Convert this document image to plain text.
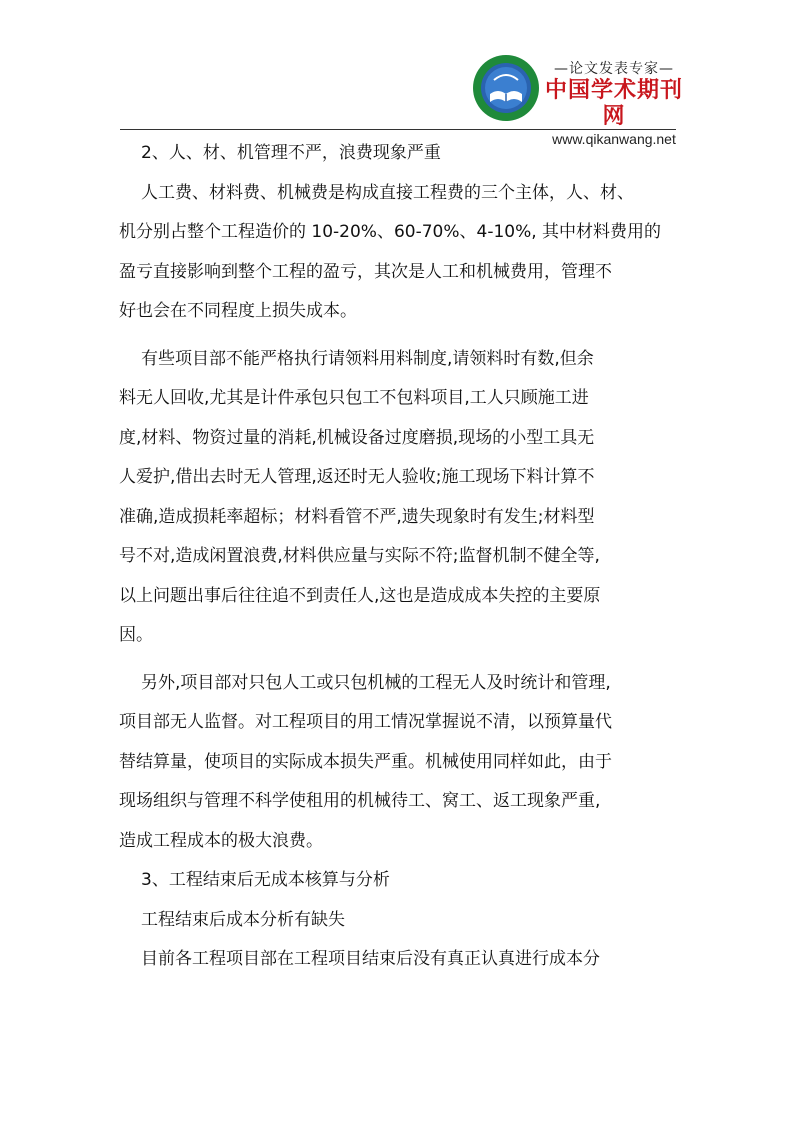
—论文发表专家—
中国学术期刊网
www.qikanwang.net
2、人、材、机管理不严，浪费现象严重
人工费、材料费、机械费是构成直接工程费的三个主体，人、材、
机分别占整个工程造价的 10-20%、60-70%、4-10%, 其中材料费用的
盈亏直接影响到整个工程的盈亏，其次是人工和机械费用，管理不
好也会在不同程度上损失成本。
有些项目部不能严格执行请领料用料制度,请领料时有数,但余
料无人回收,尤其是计件承包只包工不包料项目,工人只顾施工进
度,材料、物资过量的消耗,机械设备过度磨损,现场的小型工具无
人爱护,借出去时无人管理,返还时无人验收;施工现场下料计算不
准确,造成损耗率超标；材料看管不严,遗失现象时有发生;材料型
号不对,造成闲置浪费,材料供应量与实际不符;监督机制不健全等,
以上问题出事后往往追不到责任人,这也是造成成本失控的主要原
因。
另外,项目部对只包人工或只包机械的工程无人及时统计和管理,
项目部无人监督。对工程项目的用工情况掌握说不清，以预算量代
替结算量，使项目的实际成本损失严重。机械使用同样如此，由于
现场组织与管理不科学使租用的机械待工、窝工、返工现象严重,
造成工程成本的极大浪费。
3、工程结束后无成本核算与分析
工程结束后成本分析有缺失
目前各工程项目部在工程项目结束后没有真正认真进行成本分
